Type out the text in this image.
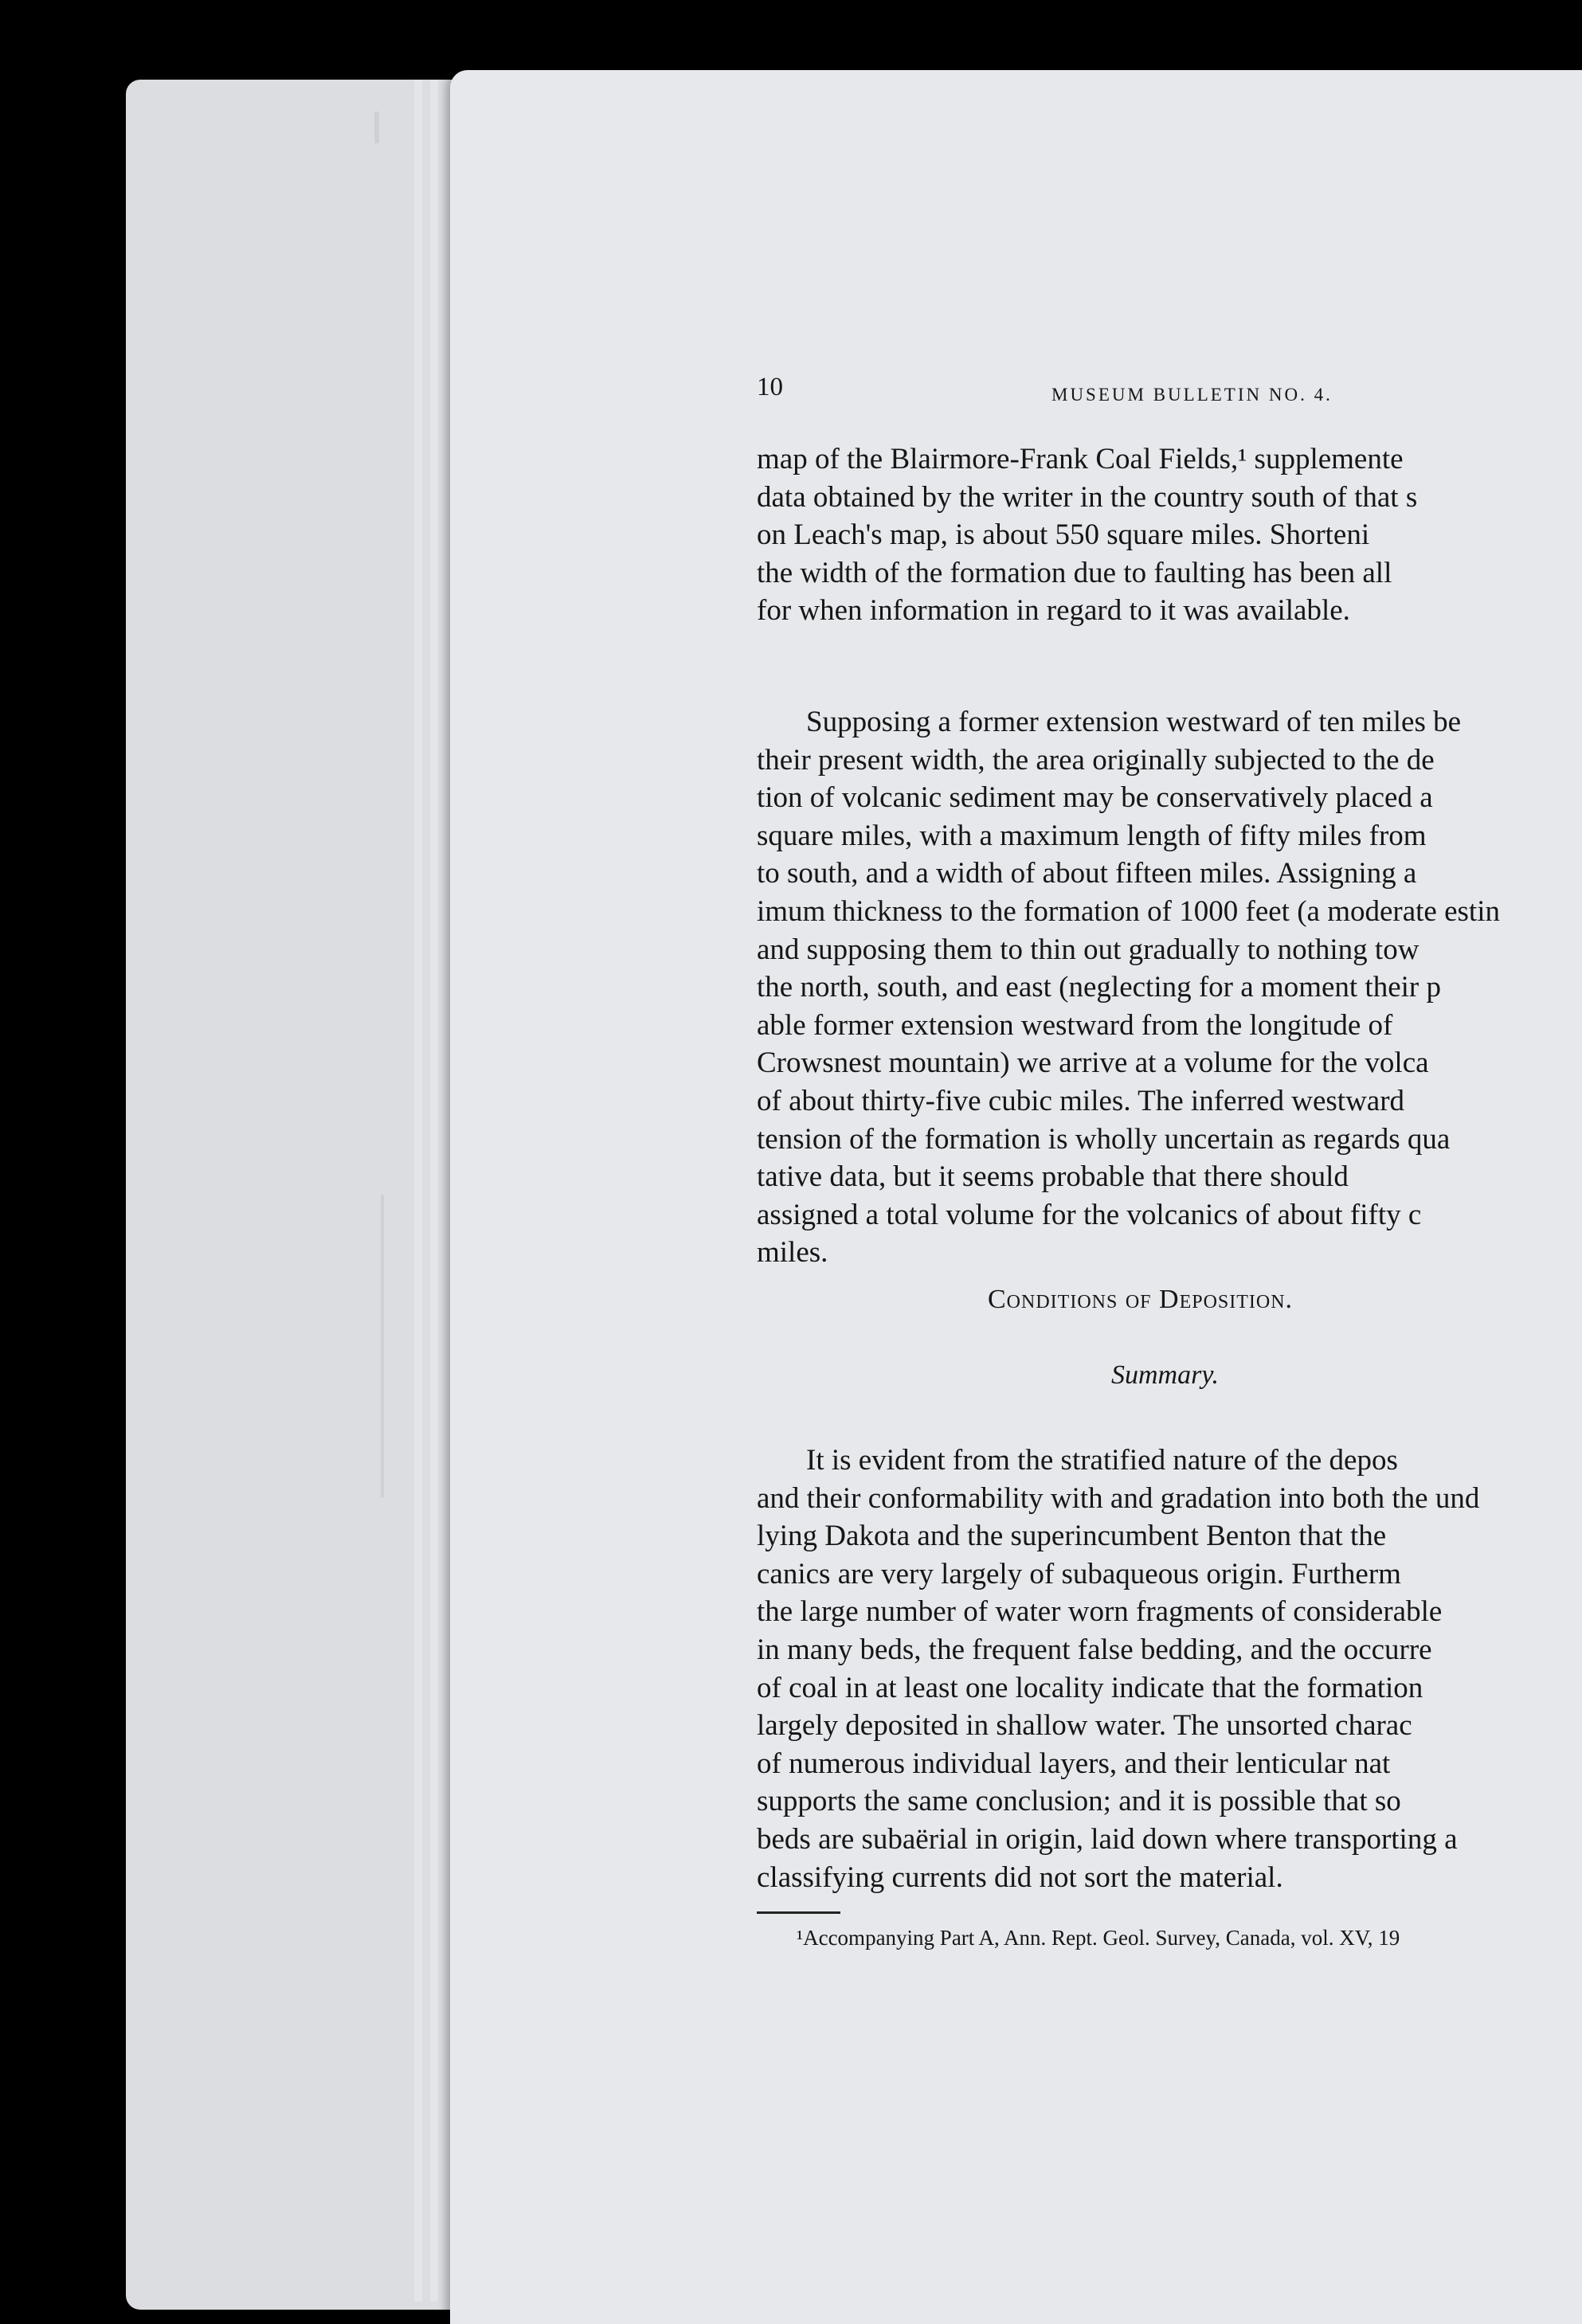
10	MUSEUM BULLETIN NO. 4.

map of the Blairmore-Frank Coal Fields,¹ supplemente
data obtained by the writer in the country south of that s
on Leach's map, is about 550 square miles. Shorteni
the width of the formation due to faulting has been all
for when information in regard to it was available.

Supposing a former extension westward of ten miles be
their present width, the area originally subjected to the de
tion of volcanic sediment may be conservatively placed a
square miles, with a maximum length of fifty miles from
to south, and a width of about fifteen miles. Assigning a
imum thickness to the formation of 1000 feet (a moderate estin
and supposing them to thin out gradually to nothing tow
the north, south, and east (neglecting for a moment their p
able former extension westward from the longitude of
Crowsnest mountain) we arrive at a volume for the volca
of about thirty-five cubic miles. The inferred westward
tension of the formation is wholly uncertain as regards qua
tative data, but it seems probable that there should
assigned a total volume for the volcanics of about fifty c
miles.

Conditions of Deposition.
Summary.

It is evident from the stratified nature of the depos
and their conformability with and gradation into both the und
lying Dakota and the superincumbent Benton that the
canics are very largely of subaqueous origin. Furtherm
the large number of water worn fragments of considerable
in many beds, the frequent false bedding, and the occurre
of coal in at least one locality indicate that the formation
largely deposited in shallow water. The unsorted charac
of numerous individual layers, and their lenticular nat
supports the same conclusion; and it is possible that so
beds are subaërial in origin, laid down where transporting a
classifying currents did not sort the material.

¹Accompanying Part A, Ann. Rept. Geol. Survey, Canada, vol. XV, 19
